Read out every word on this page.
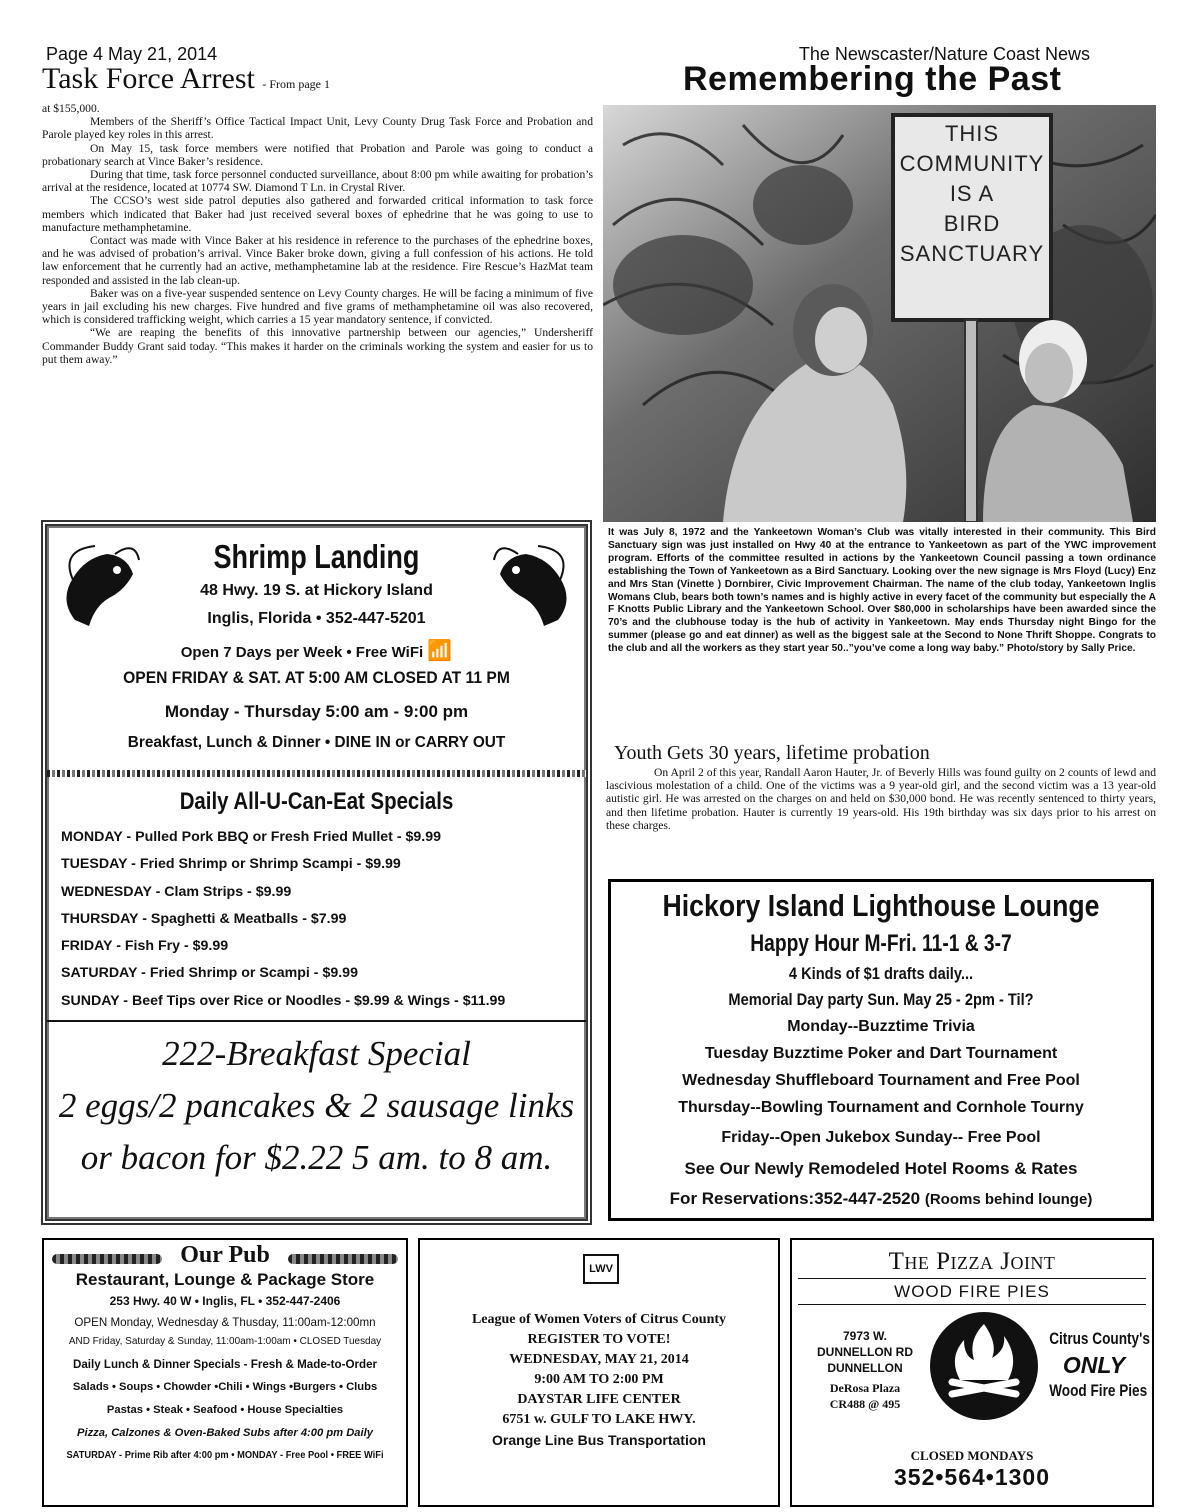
Page 4 May 21, 2014	The Newscaster/Nature Coast News
Task Force Arrest - From page 1

at $155,000.

Members of the Sheriff’s Office Tactical Impact Unit, Levy County Drug Task Force and Probation and Parole played key roles in this arrest.

On May 15, task force members were notified that Probation and Parole was going to conduct a probationary search at Vince Baker’s residence.

During that time, task force personnel conducted surveillance, about 8:00 pm while awaiting for probation’s arrival at the residence, located at 10774 SW. Diamond T Ln. in Crystal River.

The CCSO’s west side patrol deputies also gathered and forwarded critical information to task force members which indicated that Baker had just received several boxes of ephedrine that he was going to use to manufacture methamphetamine.

Contact was made with Vince Baker at his residence in reference to the purchases of the ephedrine boxes, and he was advised of probation’s arrival. Vince Baker broke down, giving a full confession of his actions. He told law enforcement that he currently had an active, methamphetamine lab at the residence. Fire Rescue’s HazMat team responded and assisted in the lab clean-up.

Baker was on a five-year suspended sentence on Levy County charges. He will be facing a minimum of five years in jail excluding his new charges. Five hundred and five grams of methamphetamine oil was also recovered, which is considered trafficking weight, which carries a 15 year mandatory sentence, if convicted.

“We are reaping the benefits of this innovative partnership between our agencies,” Undersheriff Commander Buddy Grant said today. “This makes it harder on the criminals working the system and easier for us to put them away.”

Remembering the Past
THIS
COMMUNITY
IS A
BIRD
SANCTUARY
It was July 8, 1972 and the Yankeetown Woman’s Club was vitally interested in their community. This Bird Sanctuary sign was just installed on Hwy 40 at the entrance to Yankeetown as part of the YWC improvement program. Efforts of the committee resulted in actions by the Yankeetown Council passing a town ordinance establishing the Town of Yankeetown as a Bird Sanctuary. Looking over the new signage is Mrs Floyd (Lucy) Enz and Mrs Stan (Vinette ) Dornbirer, Civic Improvement Chairman. The name of the club today, Yankeetown Inglis Womans Club, bears both town’s names and is highly active in every facet of the community but especially the A F Knotts Public Library and the Yankeetown School. Over $80,000 in scholarships have been awarded since the 70’s and the clubhouse today is the hub of activity in Yankeetown. May ends Thursday night Bingo for the summer (please go and eat dinner) as well as the biggest sale at the Second to None Thrift Shoppe. Congrats to the club and all the workers as they start year 50..”you’ve come a long way baby.” Photo/story by Sally Price.
Youth Gets 30 years, lifetime probation
On April 2 of this year, Randall Aaron Hauter, Jr. of Beverly Hills was found guilty on 2 counts of lewd and lascivious molestation of a child. One of the victims was a 9 year-old girl, and the second victim was a 13 year-old autistic girl. He was arrested on the charges on and held on $30,000 bond. He was recently sentenced to thirty years, and then lifetime probation. Hauter is currently 19 years-old. His 19th birthday was six days prior to his arrest on these charges.
Shrimp Landing
48 Hwy. 19 S. at Hickory Island
Inglis, Florida • 352-447-5201
Open 7 Days per Week • Free WiFi 📶
OPEN FRIDAY & SAT. AT 5:00 AM CLOSED AT 11 PM
Monday - Thursday 5:00 am - 9:00 pm
Breakfast, Lunch & Dinner • DINE IN or CARRY OUT
Daily All-U-Can-Eat Specials
MONDAY - Pulled Pork BBQ or Fresh Fried Mullet - $9.99
TUESDAY - Fried Shrimp or Shrimp Scampi - $9.99
WEDNESDAY - Clam Strips - $9.99
THURSDAY - Spaghetti & Meatballs - $7.99
FRIDAY - Fish Fry - $9.99
SATURDAY - Fried Shrimp or Scampi - $9.99
SUNDAY - Beef Tips over Rice or Noodles - $9.99 & Wings - $11.99
222-Breakfast Special
2 eggs/2 pancakes & 2 sausage links
or bacon for $2.22 5 am. to 8 am.
Hickory Island Lighthouse Lounge
Happy Hour M-Fri. 11-1 & 3-7
4 Kinds of $1 drafts daily...
Memorial Day party Sun. May 25 - 2pm - Til?
Monday--Buzztime Trivia
Tuesday Buzztime Poker and Dart Tournament
Wednesday Shuffleboard Tournament and Free Pool
Thursday--Bowling Tournament and Cornhole Tourny
Friday--Open Jukebox Sunday-- Free Pool
See Our Newly Remodeled Hotel Rooms & Rates
For Reservations:352-447-2520 (Rooms behind lounge)
Our Pub
Restaurant, Lounge & Package Store
253 Hwy. 40 W • Inglis, FL • 352-447-2406
OPEN Monday, Wednesday & Thusday, 11:00am-12:00mn
AND Friday, Saturday & Sunday, 11:00am-1:00am • CLOSED Tuesday
Daily Lunch & Dinner Specials - Fresh & Made-to-Order
Salads • Soups • Chowder •Chili • Wings •Burgers • Clubs
Pastas • Steak • Seafood • House Specialties
Pizza, Calzones & Oven-Baked Subs after 4:00 pm Daily
SATURDAY - Prime Rib after 4:00 pm • MONDAY - Free Pool • FREE WiFi
LWV
League of Women Voters of Citrus County
REGISTER TO VOTE!
WEDNESDAY, MAY 21, 2014
9:00 AM TO 2:00 PM
DAYSTAR LIFE CENTER
6751 w. GULF TO LAKE HWY.
Orange Line Bus Transportation
The Pizza Joint
WOOD FIRE PIES
7973 W.
DUNNELLON RD
DUNNELLON
DeRosa Plaza
CR488 @ 495
Citrus County's
ONLY
Wood Fire Pies
CLOSED MONDAYS
352•564•1300
